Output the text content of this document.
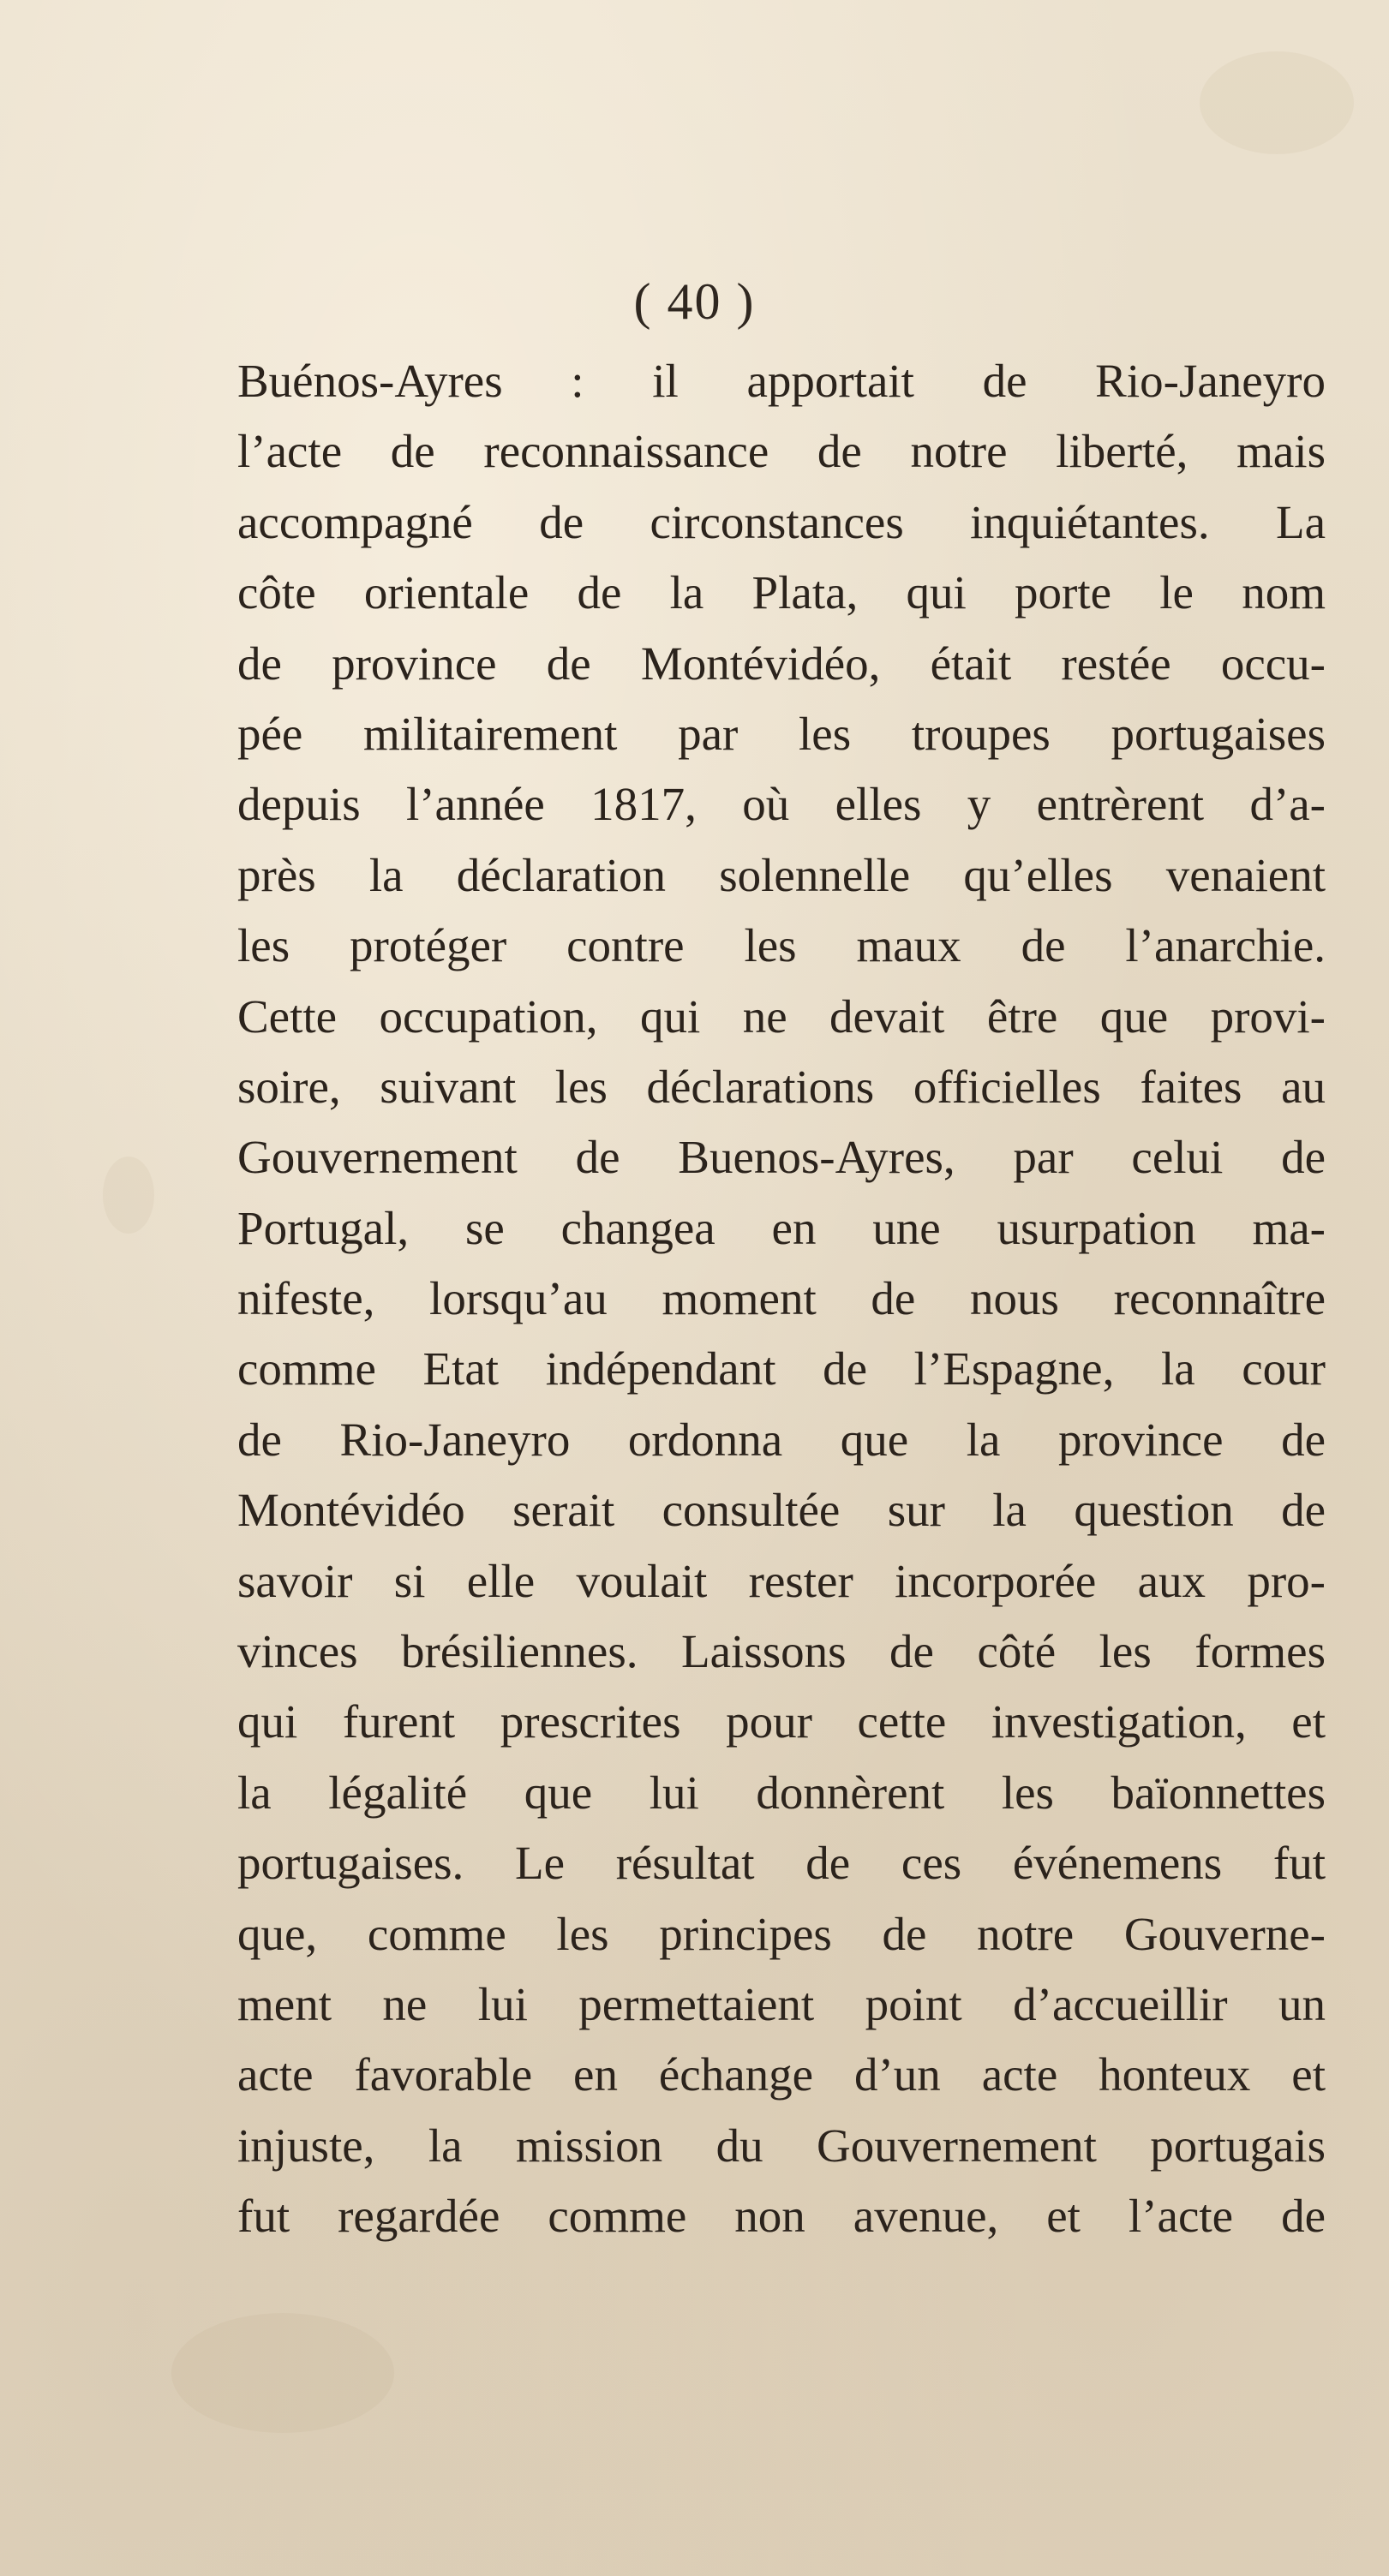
( 40 )
Buénos-Ayres : il apportait de Rio-Janeyro
l’acte de reconnaissance de notre liberté, mais
accompagné de circonstances inquiétantes. La
côte orientale de la Plata, qui porte le nom
de province de Montévidéo, était restée occu-
pée militairement par les troupes portugaises
depuis l’année 1817, où elles y entrèrent d’a-
près la déclaration solennelle qu’elles venaient
les protéger contre les maux de l’anarchie.
Cette occupation, qui ne devait être que provi-
soire, suivant les déclarations officielles faites au
Gouvernement de Buenos-Ayres, par celui de
Portugal, se changea en une usurpation ma-
nifeste, lorsqu’au moment de nous reconnaître
comme Etat indépendant de l’Espagne, la cour
de Rio-Janeyro ordonna que la province de
Montévidéo serait consultée sur la question de
savoir si elle voulait rester incorporée aux pro-
vinces brésiliennes. Laissons de côté les formes
qui furent prescrites pour cette investigation, et
la légalité que lui donnèrent les baïonnettes
portugaises. Le résultat de ces événemens fut
que, comme les principes de notre Gouverne-
ment ne lui permettaient point d’accueillir un
acte favorable en échange d’un acte honteux et
injuste, la mission du Gouvernement portugais
fut regardée comme non avenue, et l’acte de
